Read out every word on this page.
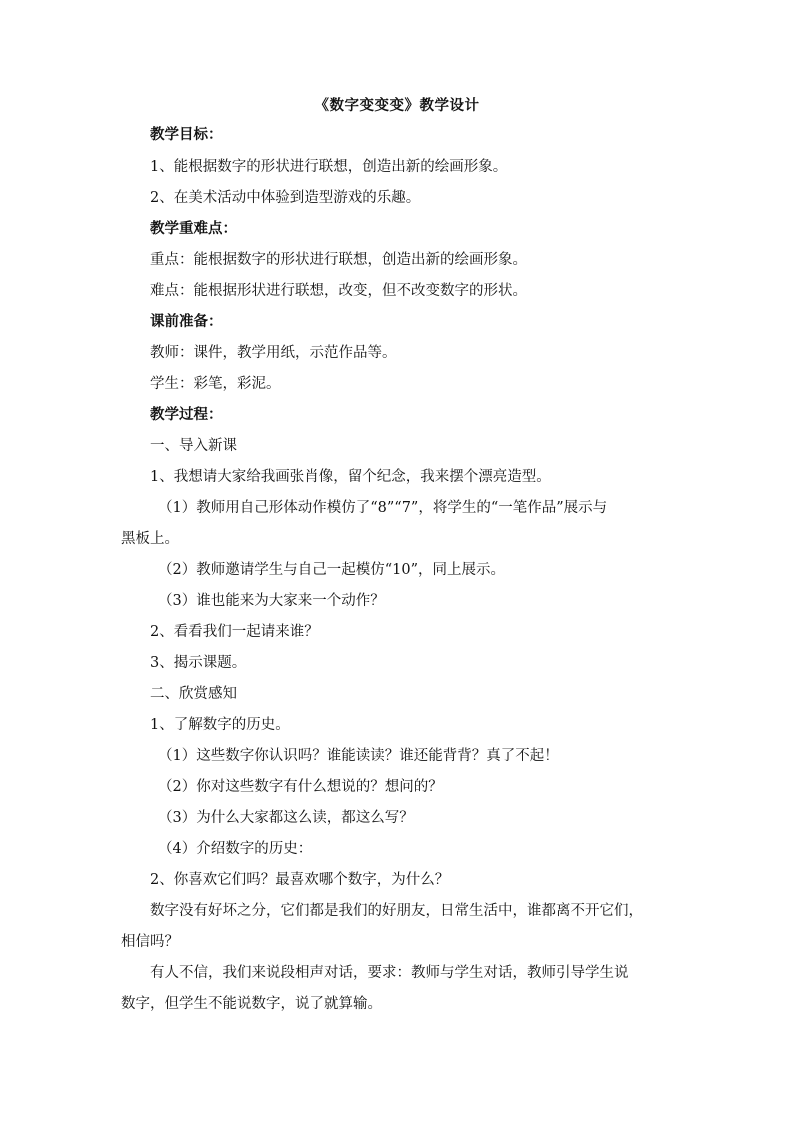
《数字变变变》教学设计
教学目标：
1、能根据数字的形状进行联想，创造出新的绘画形象。
2、在美术活动中体验到造型游戏的乐趣。
教学重难点：
重点：能根据数字的形状进行联想，创造出新的绘画形象。
难点：能根据形状进行联想，改变，但不改变数字的形状。
课前准备：
教师：课件，教学用纸，示范作品等。
学生：彩笔，彩泥。
教学过程：
一、导入新课
1、我想请大家给我画张肖像，留个纪念，我来摆个漂亮造型。
（1）教师用自己形体动作模仿了“8”“7”，将学生的“一笔作品”展示与
黑板上。
（2）教师邀请学生与自己一起模仿“10”，同上展示。
（3）谁也能来为大家来一个动作？
2、看看我们一起请来谁？
3、揭示课题。
二、欣赏感知
1、了解数字的历史。
（1）这些数字你认识吗？谁能读读？谁还能背背？真了不起！
（2）你对这些数字有什么想说的？想问的？
（3）为什么大家都这么读，都这么写？
（4）介绍数字的历史：
2、你喜欢它们吗？最喜欢哪个数字，为什么？
数字没有好坏之分，它们都是我们的好朋友，日常生活中，谁都离不开它们，
相信吗？
有人不信，我们来说段相声对话，要求：教师与学生对话，教师引导学生说
数字，但学生不能说数字，说了就算输。
